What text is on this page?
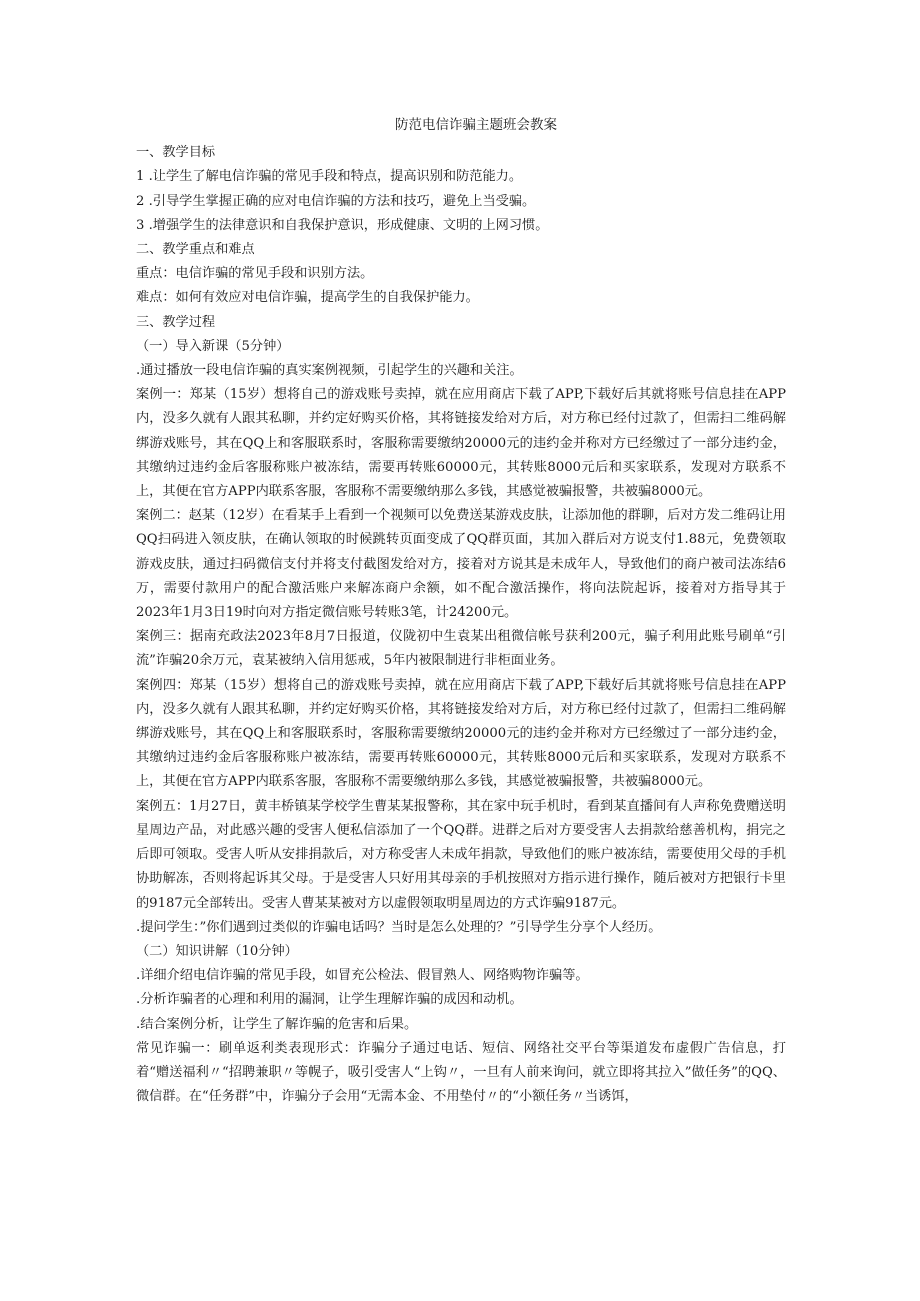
防范电信诈骗主题班会教案

一、教学目标

1 .让学生了解电信诈骗的常见手段和特点，提高识别和防范能力。

2 .引导学生掌握正确的应对电信诈骗的方法和技巧，避免上当受骗。

3 .增强学生的法律意识和自我保护意识，形成健康、文明的上网习惯。

二、教学重点和难点

重点：电信诈骗的常见手段和识别方法。

难点：如何有效应对电信诈骗，提高学生的自我保护能力。

三、教学过程

（一）导入新课（5分钟）

.通过播放一段电信诈骗的真实案例视频，引起学生的兴趣和关注。

案例一：郑某（15岁）想将自己的游戏账号卖掉，就在应用商店下载了APP,下载好后其就将账号信息挂在APP内，没多久就有人跟其私聊，并约定好购买价格，其将链接发给对方后，对方称已经付过款了，但需扫二维码解绑游戏账号，其在QQ上和客服联系时，客服称需要缴纳20000元的违约金并称对方已经缴过了一部分违约金，其缴纳过违约金后客服称账户被冻结，需要再转账60000元，其转账8000元后和买家联系，发现对方联系不上，其便在官方APP内联系客服，客服称不需要缴纳那么多钱，其感觉被骗报警，共被骗8000元。

案例二：赵某（12岁）在看某手上看到一个视频可以免费送某游戏皮肤，让添加他的群聊，后对方发二维码让用QQ扫码进入领皮肤，在确认领取的时候跳转页面变成了QQ群页面，其加入群后对方说支付1.88元，免费领取游戏皮肤，通过扫码微信支付并将支付截图发给对方，接着对方说其是未成年人，导致他们的商户被司法冻结6万，需要付款用户的配合激活账户来解冻商户余额，如不配合激活操作，将向法院起诉，接着对方指导其于2023年1月3日19时向对方指定微信账号转账3笔，计24200元。

案例三：据南充政法2023年8月7日报道，仪陇初中生袁某出租微信帐号获利200元，骗子利用此账号刷单“引流”诈骗20余万元，袁某被纳入信用惩戒，5年内被限制进行非柜面业务。

案例四：郑某（15岁）想将自己的游戏账号卖掉，就在应用商店下载了APP,下载好后其就将账号信息挂在APP内，没多久就有人跟其私聊，并约定好购买价格，其将链接发给对方后，对方称已经付过款了，但需扫二维码解绑游戏账号，其在QQ上和客服联系时，客服称需要缴纳20000元的违约金并称对方已经缴过了一部分违约金，其缴纳过违约金后客服称账户被冻结，需要再转账60000元，其转账8000元后和买家联系，发现对方联系不上，其便在官方APP内联系客服，客服称不需要缴纳那么多钱，其感觉被骗报警，共被骗8000元。

案例五：1月27日，黄丰桥镇某学校学生曹某某报警称，其在家中玩手机时，看到某直播间有人声称免费赠送明星周边产品，对此感兴趣的受害人便私信添加了一个QQ群。进群之后对方要受害人去捐款给慈善机构，捐完之后即可领取。受害人听从安排捐款后，对方称受害人未成年捐款，导致他们的账户被冻结，需要使用父母的手机协助解冻，否则将起诉其父母。于是受害人只好用其母亲的手机按照对方指示进行操作，随后被对方把银行卡里的9187元全部转出。受害人曹某某被对方以虚假领取明星周边的方式诈骗9187元。

.提问学生：”你们遇到过类似的诈骗电话吗？当时是怎么处理的？”引导学生分享个人经历。

（二）知识讲解（10分钟）

.详细介绍电信诈骗的常见手段，如冒充公检法、假冒熟人、网络购物诈骗等。

.分析诈骗者的心理和利用的漏洞，让学生理解诈骗的成因和动机。

.结合案例分析，让学生了解诈骗的危害和后果。

常见诈骗一：刷单返利类表现形式：诈骗分子通过电话、短信、网络社交平台等渠道发布虚假广告信息，打着“赠送福利〃“招聘兼职〃等幌子，吸引受害人“上钩〃，一旦有人前来询问，就立即将其拉入”做任务”的QQ、微信群。在“任务群”中，诈骗分子会用“无需本金、不用垫付〃的“小额任务〃当诱饵，
